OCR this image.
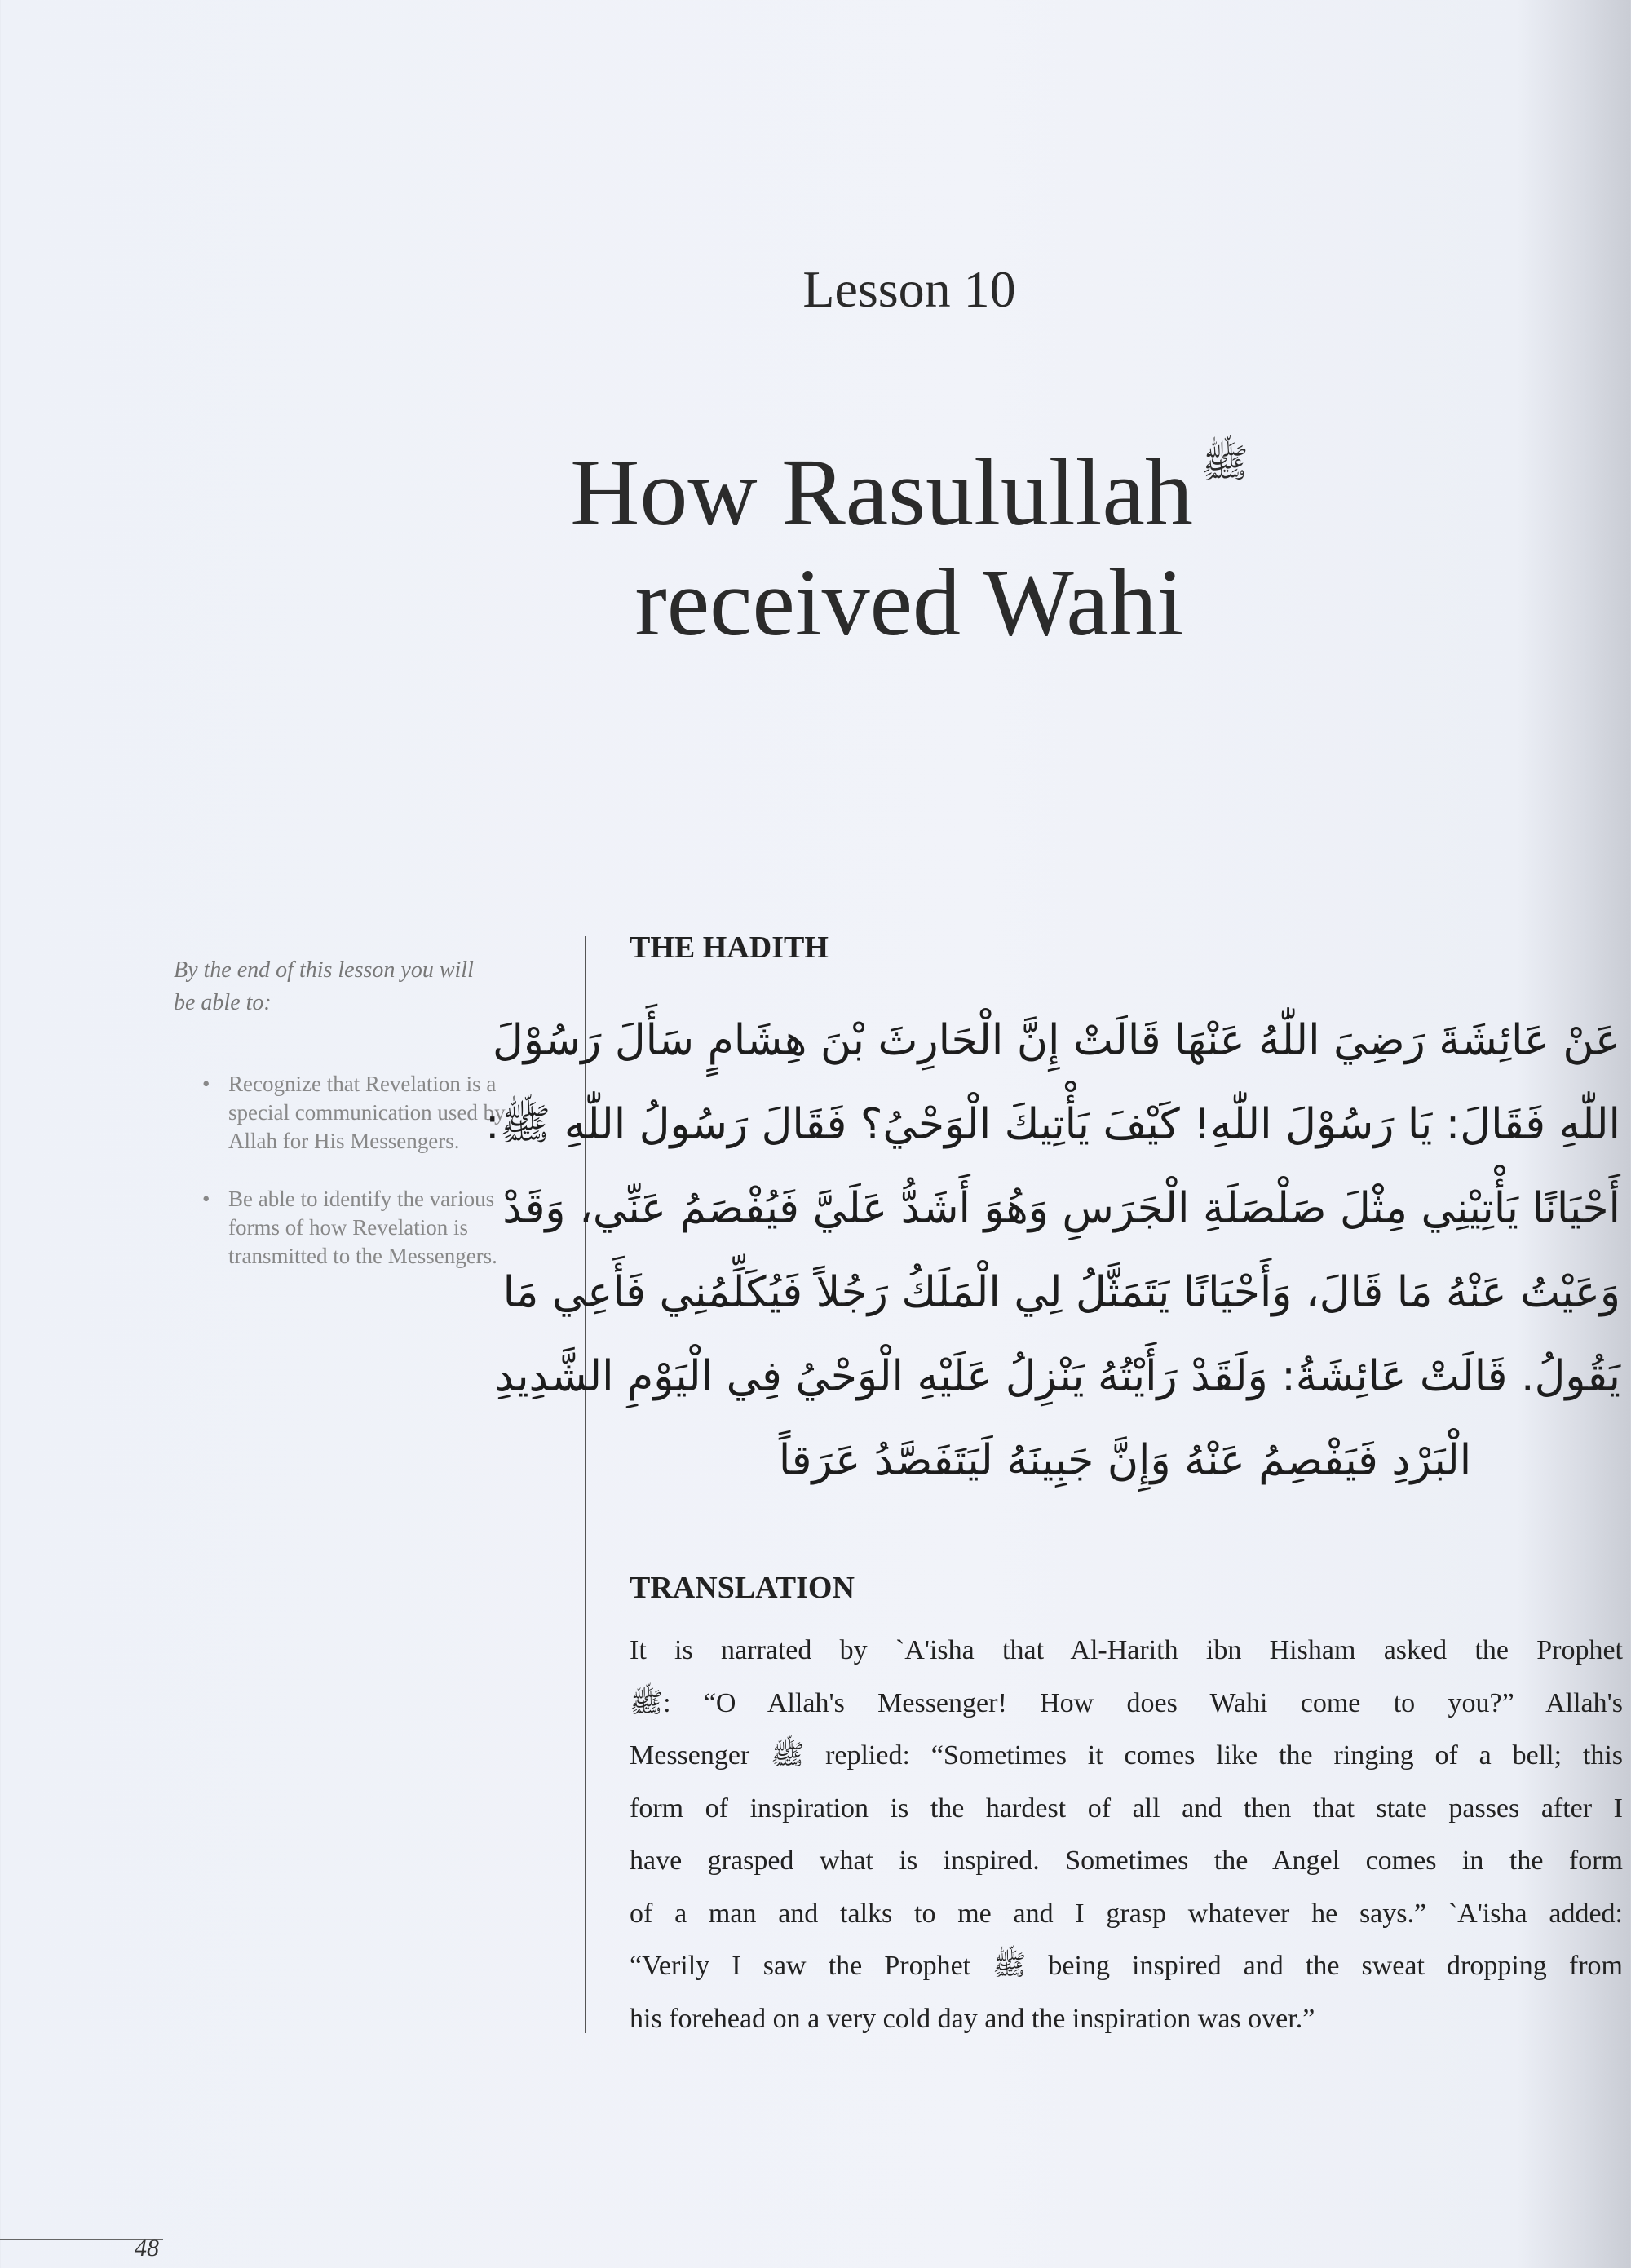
Lesson 10
How Rasulullah $^ﷺ$
received Wahi
By the end of this lesson you will be able to:
• Recognize that Revelation is a special communication used by Allah for His Messengers.
• Be able to identify the various forms of how Revelation is transmitted to the Messengers.
THE HADITH
عَنْ عَائِشَةَ رَضِيَ اللّٰهُ عَنْهَا قَالَتْ إِنَّ الْحَارِثَ بْنَ هِشَامٍ سَأَلَ رَسُوْلَ
اللّٰهِ فَقَالَ: يَا رَسُوْلَ اللّٰهِ! كَيْفَ يَأْتِيكَ الْوَحْيُ؟ فَقَالَ رَسُولُ اللّٰهِ ﷺ:
أَحْيَانًا يَأْتِيْنِي مِثْلَ صَلْصَلَةِ الْجَرَسِ وَهُوَ أَشَدُّ عَلَيَّ فَيُفْصَمُ عَنِّي، وَقَدْ
وَعَيْتُ عَنْهُ مَا قَالَ، وَأَحْيَانًا يَتَمَثَّلُ لِي الْمَلَكُ رَجُلاً فَيُكَلِّمُنِي فَأَعِي مَا
يَقُولُ. قَالَتْ عَائِشَةُ: وَلَقَدْ رَأَيْتُهُ يَنْزِلُ عَلَيْهِ الْوَحْيُ فِي الْيَوْمِ الشَّدِيدِ
الْبَرْدِ فَيَفْصِمُ عَنْهُ وَإِنَّ جَبِينَهُ لَيَتَفَصَّدُ عَرَقاً
TRANSLATION
It is narrated by `A'isha that Al-Harith ibn Hisham asked the Prophet
ﷺ: “O Allah's Messenger! How does Wahi come to you?” Allah's
Messenger ﷺ replied: “Sometimes it comes like the ringing of a bell; this
form of inspiration is the hardest of all and then that state passes after I
have grasped what is inspired. Sometimes the Angel comes in the form
of a man and talks to me and I grasp whatever he says.” `A'isha added:
“Verily I saw the Prophet ﷺ being inspired and the sweat dropping from
his forehead on a very cold day and the inspiration was over.”
48
